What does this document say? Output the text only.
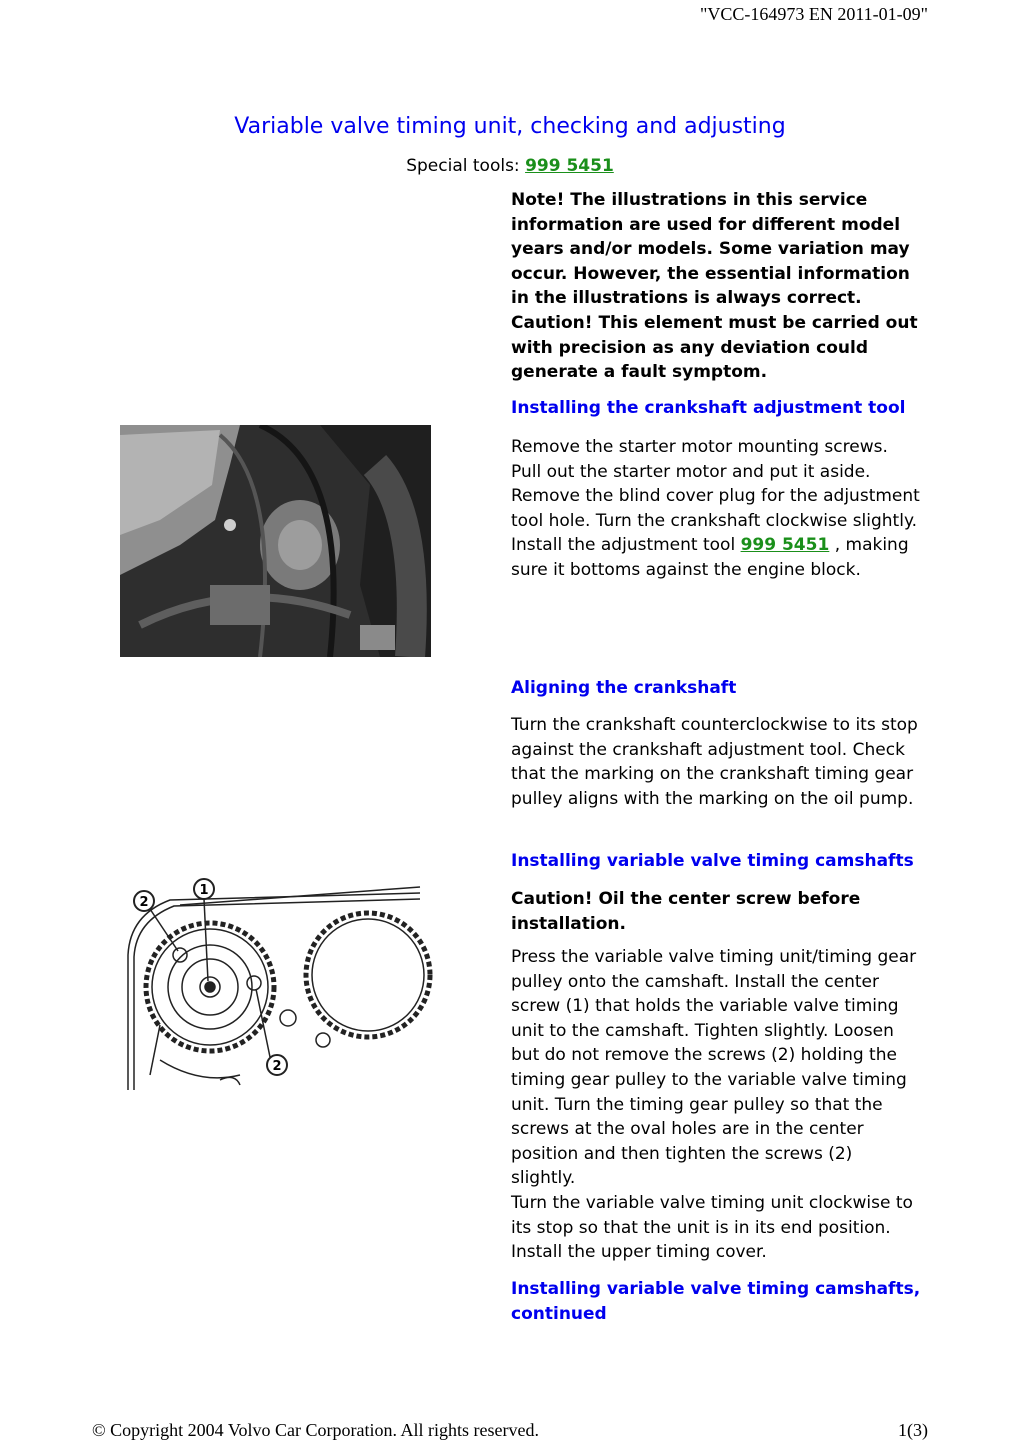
"VCC-164973 EN 2011-01-09"
Variable valve timing unit, checking and adjusting
Special tools: 999 5451
Note! The illustrations in this service information are used for different model years and/or models. Some variation may occur. However, the essential information in the illustrations is always correct.
Caution! This element must be carried out with precision as any deviation could generate a fault symptom.
Installing the crankshaft adjustment tool
Remove the starter motor mounting screws. Pull out the starter motor and put it aside. Remove the blind cover plug for the adjustment tool hole. Turn the crankshaft clockwise slightly. Install the adjustment tool 999 5451 , making sure it bottoms against the engine block.
Aligning the crankshaft
Turn the crankshaft counterclockwise to its stop against the crankshaft adjustment tool. Check that the marking on the crankshaft timing gear pulley aligns with the marking on the oil pump.
Installing variable valve timing camshafts
Caution! Oil the center screw before installation.
Press the variable valve timing unit/timing gear pulley onto the camshaft. Install the center screw (1) that holds the variable valve timing unit to the camshaft. Tighten slightly. Loosen but do not remove the screws (2) holding the timing gear pulley to the variable valve timing unit. Turn the timing gear pulley so that the screws at the oval holes are in the center position and then tighten the screws (2) slightly.
Turn the variable valve timing unit clockwise to its stop so that the unit is in its end position. Install the upper timing cover.
Installing variable valve timing camshafts, continued
1
2
2
© Copyright 2004 Volvo Car Corporation. All rights reserved.	1(3)
